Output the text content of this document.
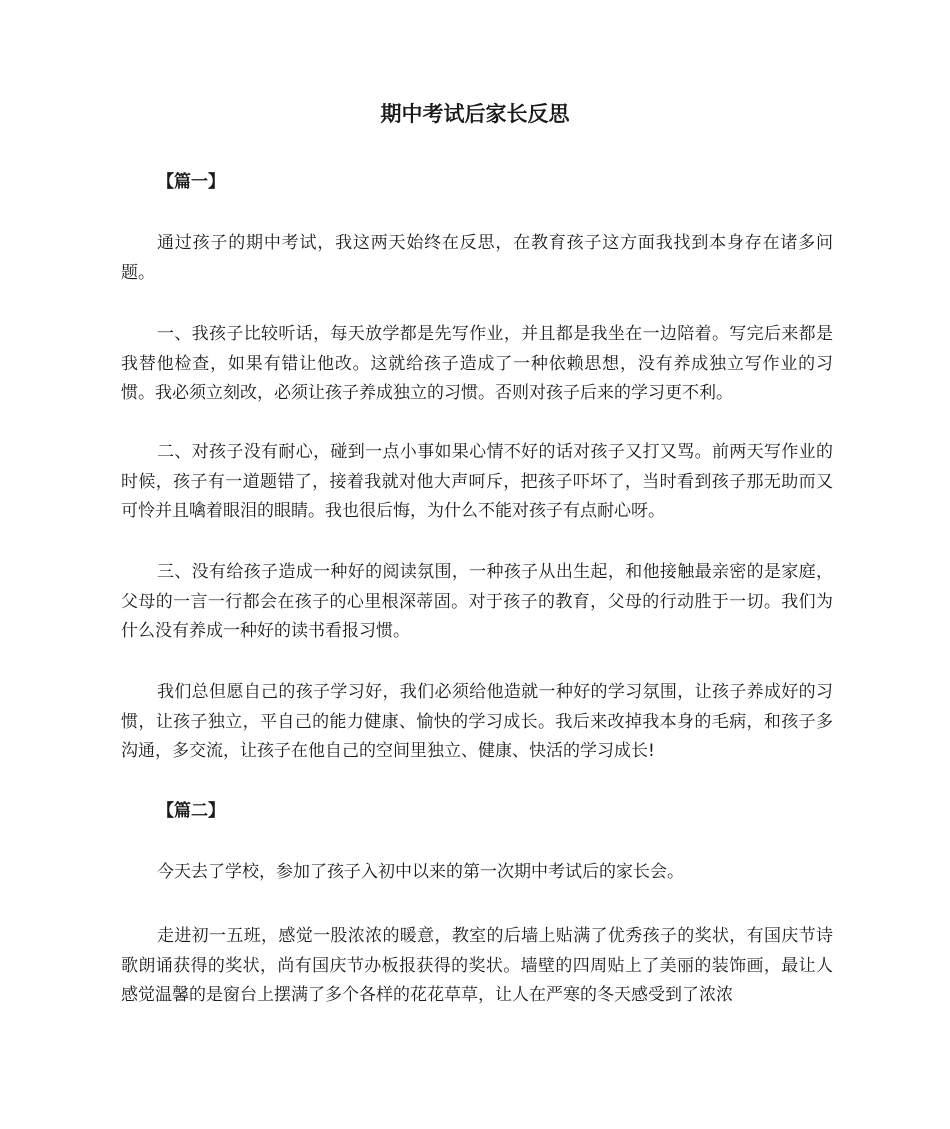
期中考试后家长反思
【篇一】

通过孩子的期中考试，我这两天始终在反思，在教育孩子这方面我找到本身存在诸多问题。

一、我孩子比较听话，每天放学都是先写作业，并且都是我坐在一边陪着。写完后来都是我替他检查，如果有错让他改。这就给孩子造成了一种依赖思想，没有养成独立写作业的习惯。我必须立刻改，必须让孩子养成独立的习惯。否则对孩子后来的学习更不利。

二、对孩子没有耐心，碰到一点小事如果心情不好的话对孩子又打又骂。前两天写作业的时候，孩子有一道题错了，接着我就对他大声呵斥，把孩子吓坏了，当时看到孩子那无助而又可怜并且噙着眼泪的眼睛。我也很后悔，为什么不能对孩子有点耐心呀。

三、没有给孩子造成一种好的阅读氛围，一种孩子从出生起，和他接触最亲密的是家庭，父母的一言一行都会在孩子的心里根深蒂固。对于孩子的教育，父母的行动胜于一切。我们为什么没有养成一种好的读书看报习惯。

我们总但愿自己的孩子学习好，我们必须给他造就一种好的学习氛围，让孩子养成好的习惯，让孩子独立，平自己的能力健康、愉快的学习成长。我后来改掉我本身的毛病，和孩子多沟通，多交流，让孩子在他自己的空间里独立、健康、快活的学习成长!

【篇二】

今天去了学校，参加了孩子入初中以来的第一次期中考试后的家长会。

走进初一五班，感觉一股浓浓的暖意，教室的后墙上贴满了优秀孩子的奖状，有国庆节诗歌朗诵获得的奖状，尚有国庆节办板报获得的奖状。墙壁的四周贴上了美丽的装饰画，最让人感觉温馨的是窗台上摆满了多个各样的花花草草，让人在严寒的冬天感受到了浓浓
